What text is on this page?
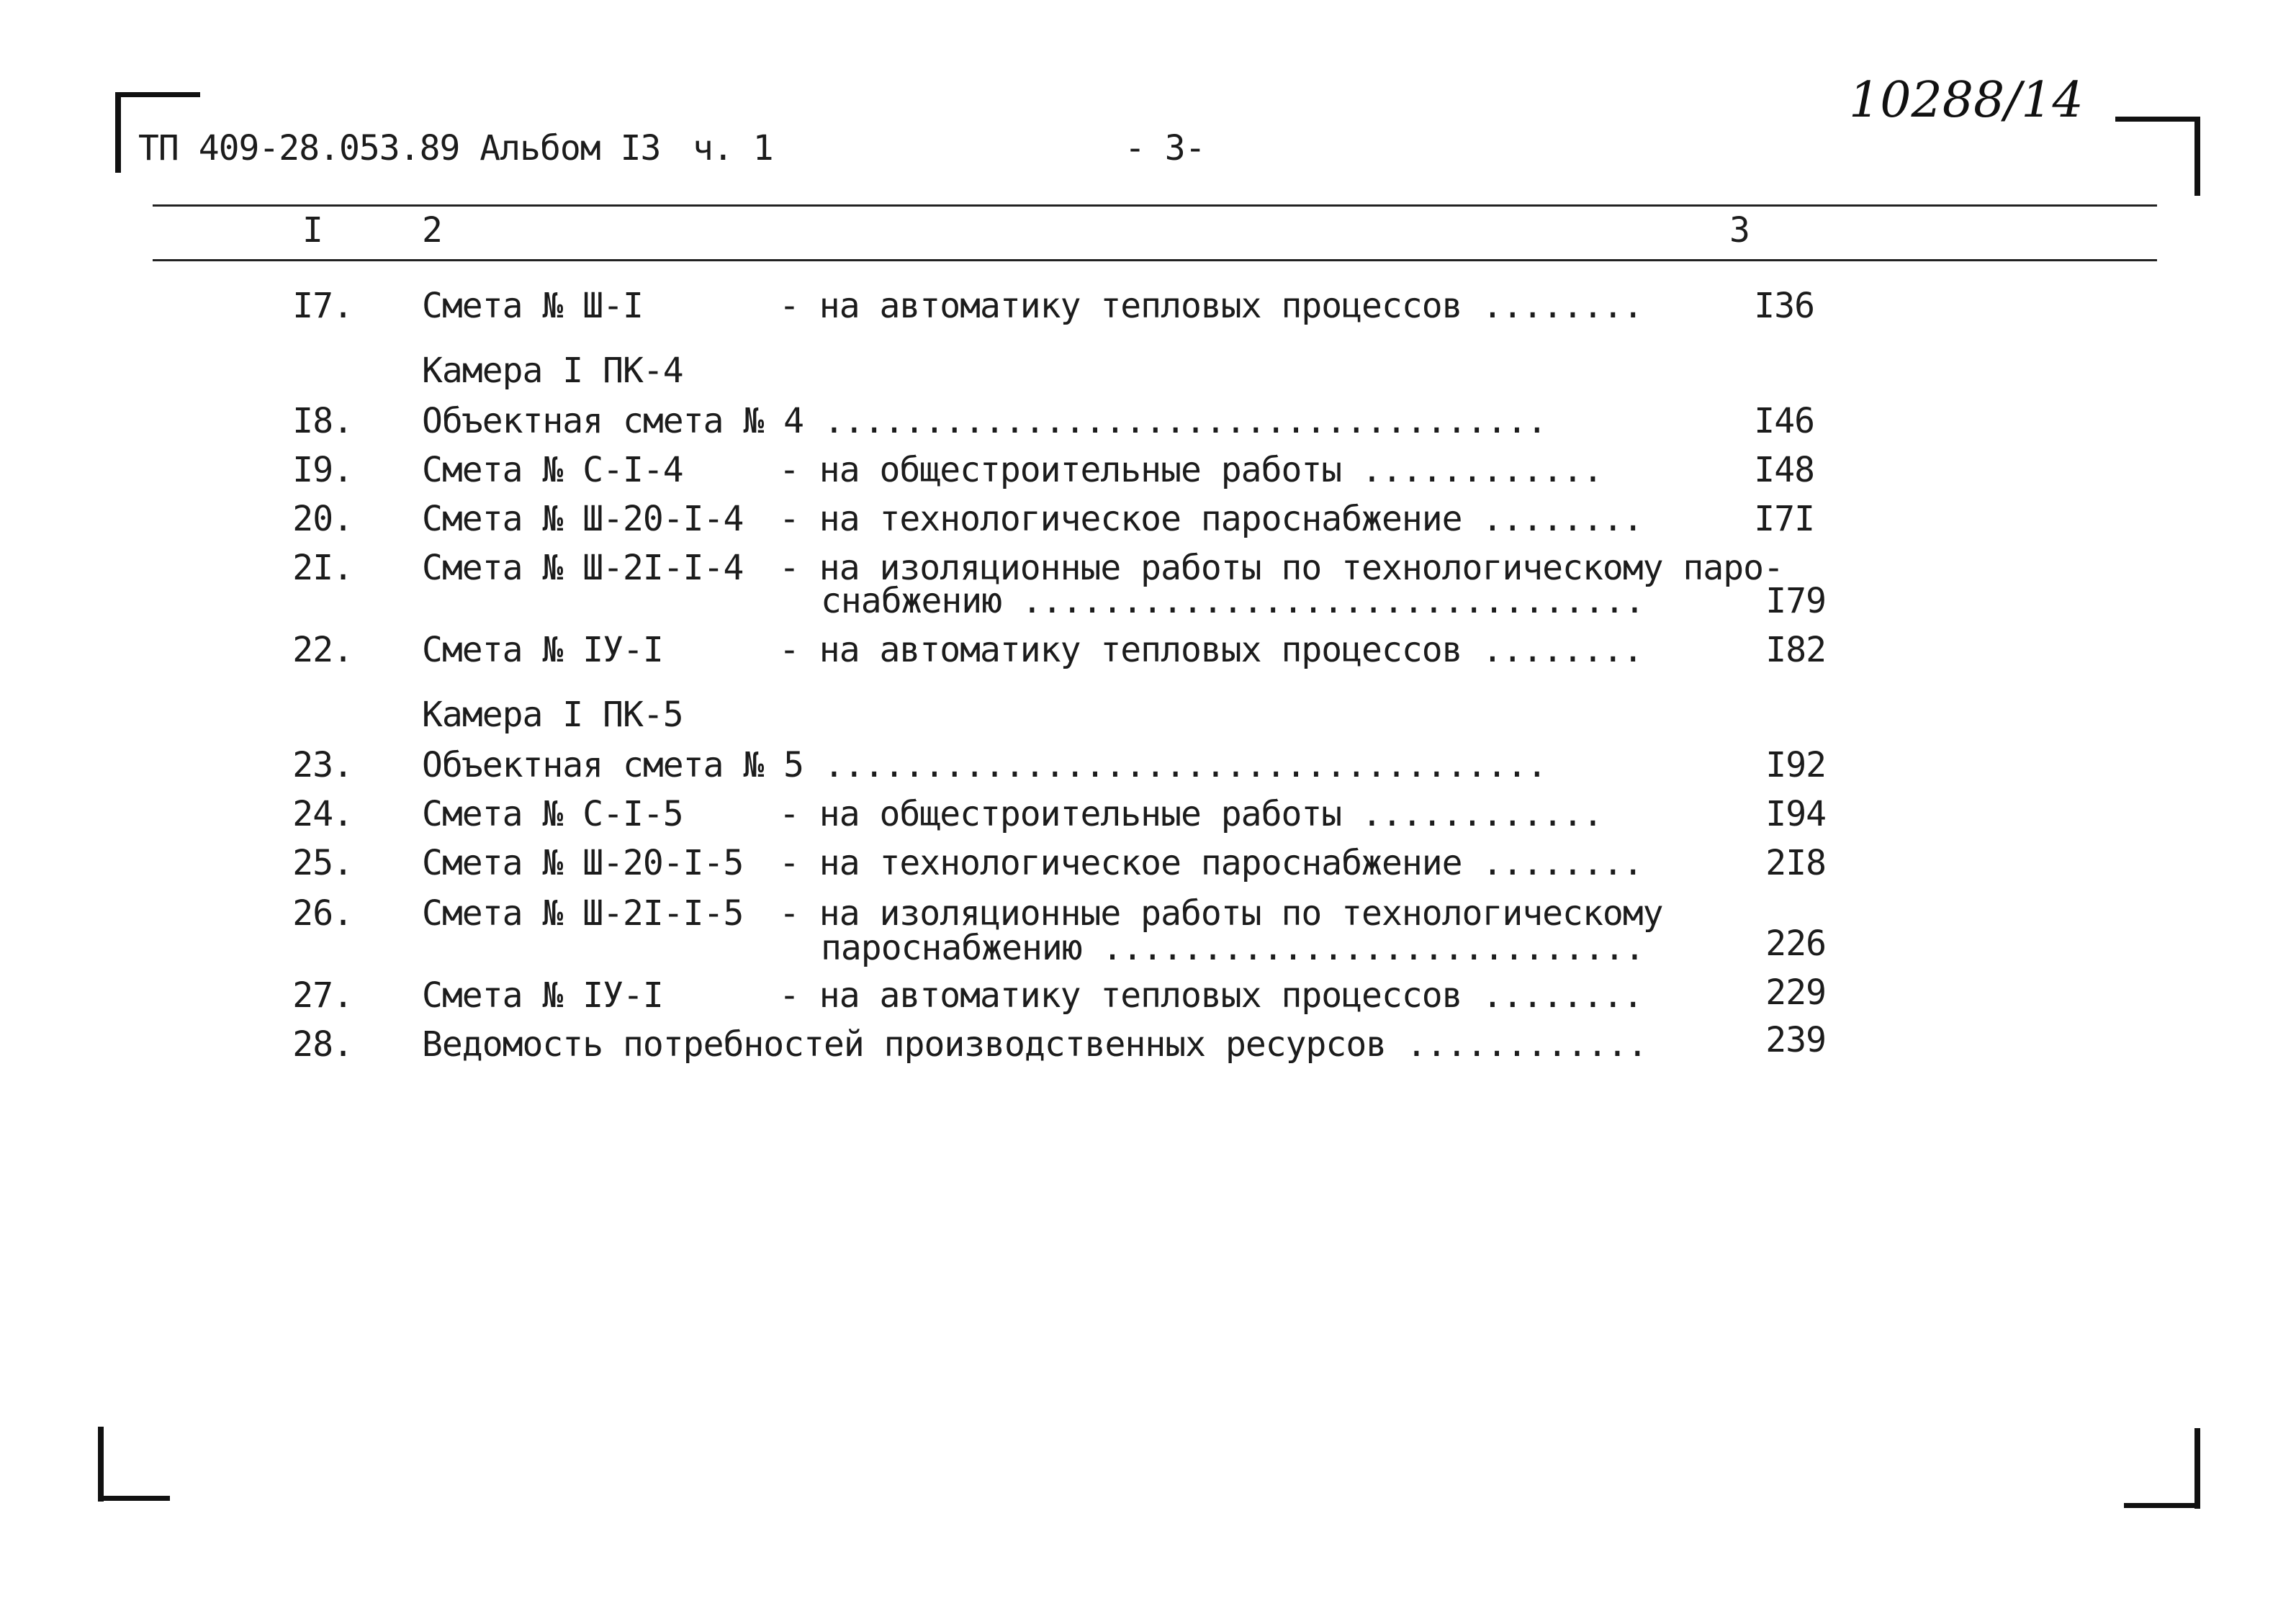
ТП 409-28.053.89 Альбом I3 ч. 1	- 3-
10288/14
I	2	3
I7. Смета № Ш-I	- на автоматику тепловых процессов ........	I36
Камера I ПК-4
I8. Объектная смета № 4 ....................................	I46
I9. Смета № С-I-4	- на общестроительные работы ............	I48
20. Смета № Ш-20-I-4 - на технологическое пароснабжение ........	I7I
2I. Смета № Ш-2I-I-4 - на изоляционные работы по технологическому паро-
снабжению ...............................	I79
22. Смета № IУ-I	- на автоматику тепловых процессов ........	I82
Камера I ПК-5
23. Объектная смета № 5 ....................................	I92
24. Смета № С-I-5	- на общестроительные работы ............	I94
25. Смета № Ш-20-I-5 - на технологическое пароснабжение ........	2I8
26. Смета № Ш-2I-I-5 - на изоляционные работы по технологическому
пароснабжению ...........................	226
27. Смета № IУ-I	- на автоматику тепловых процессов ........	229
28. Ведомость потребностей производственных ресурсов ............	239
